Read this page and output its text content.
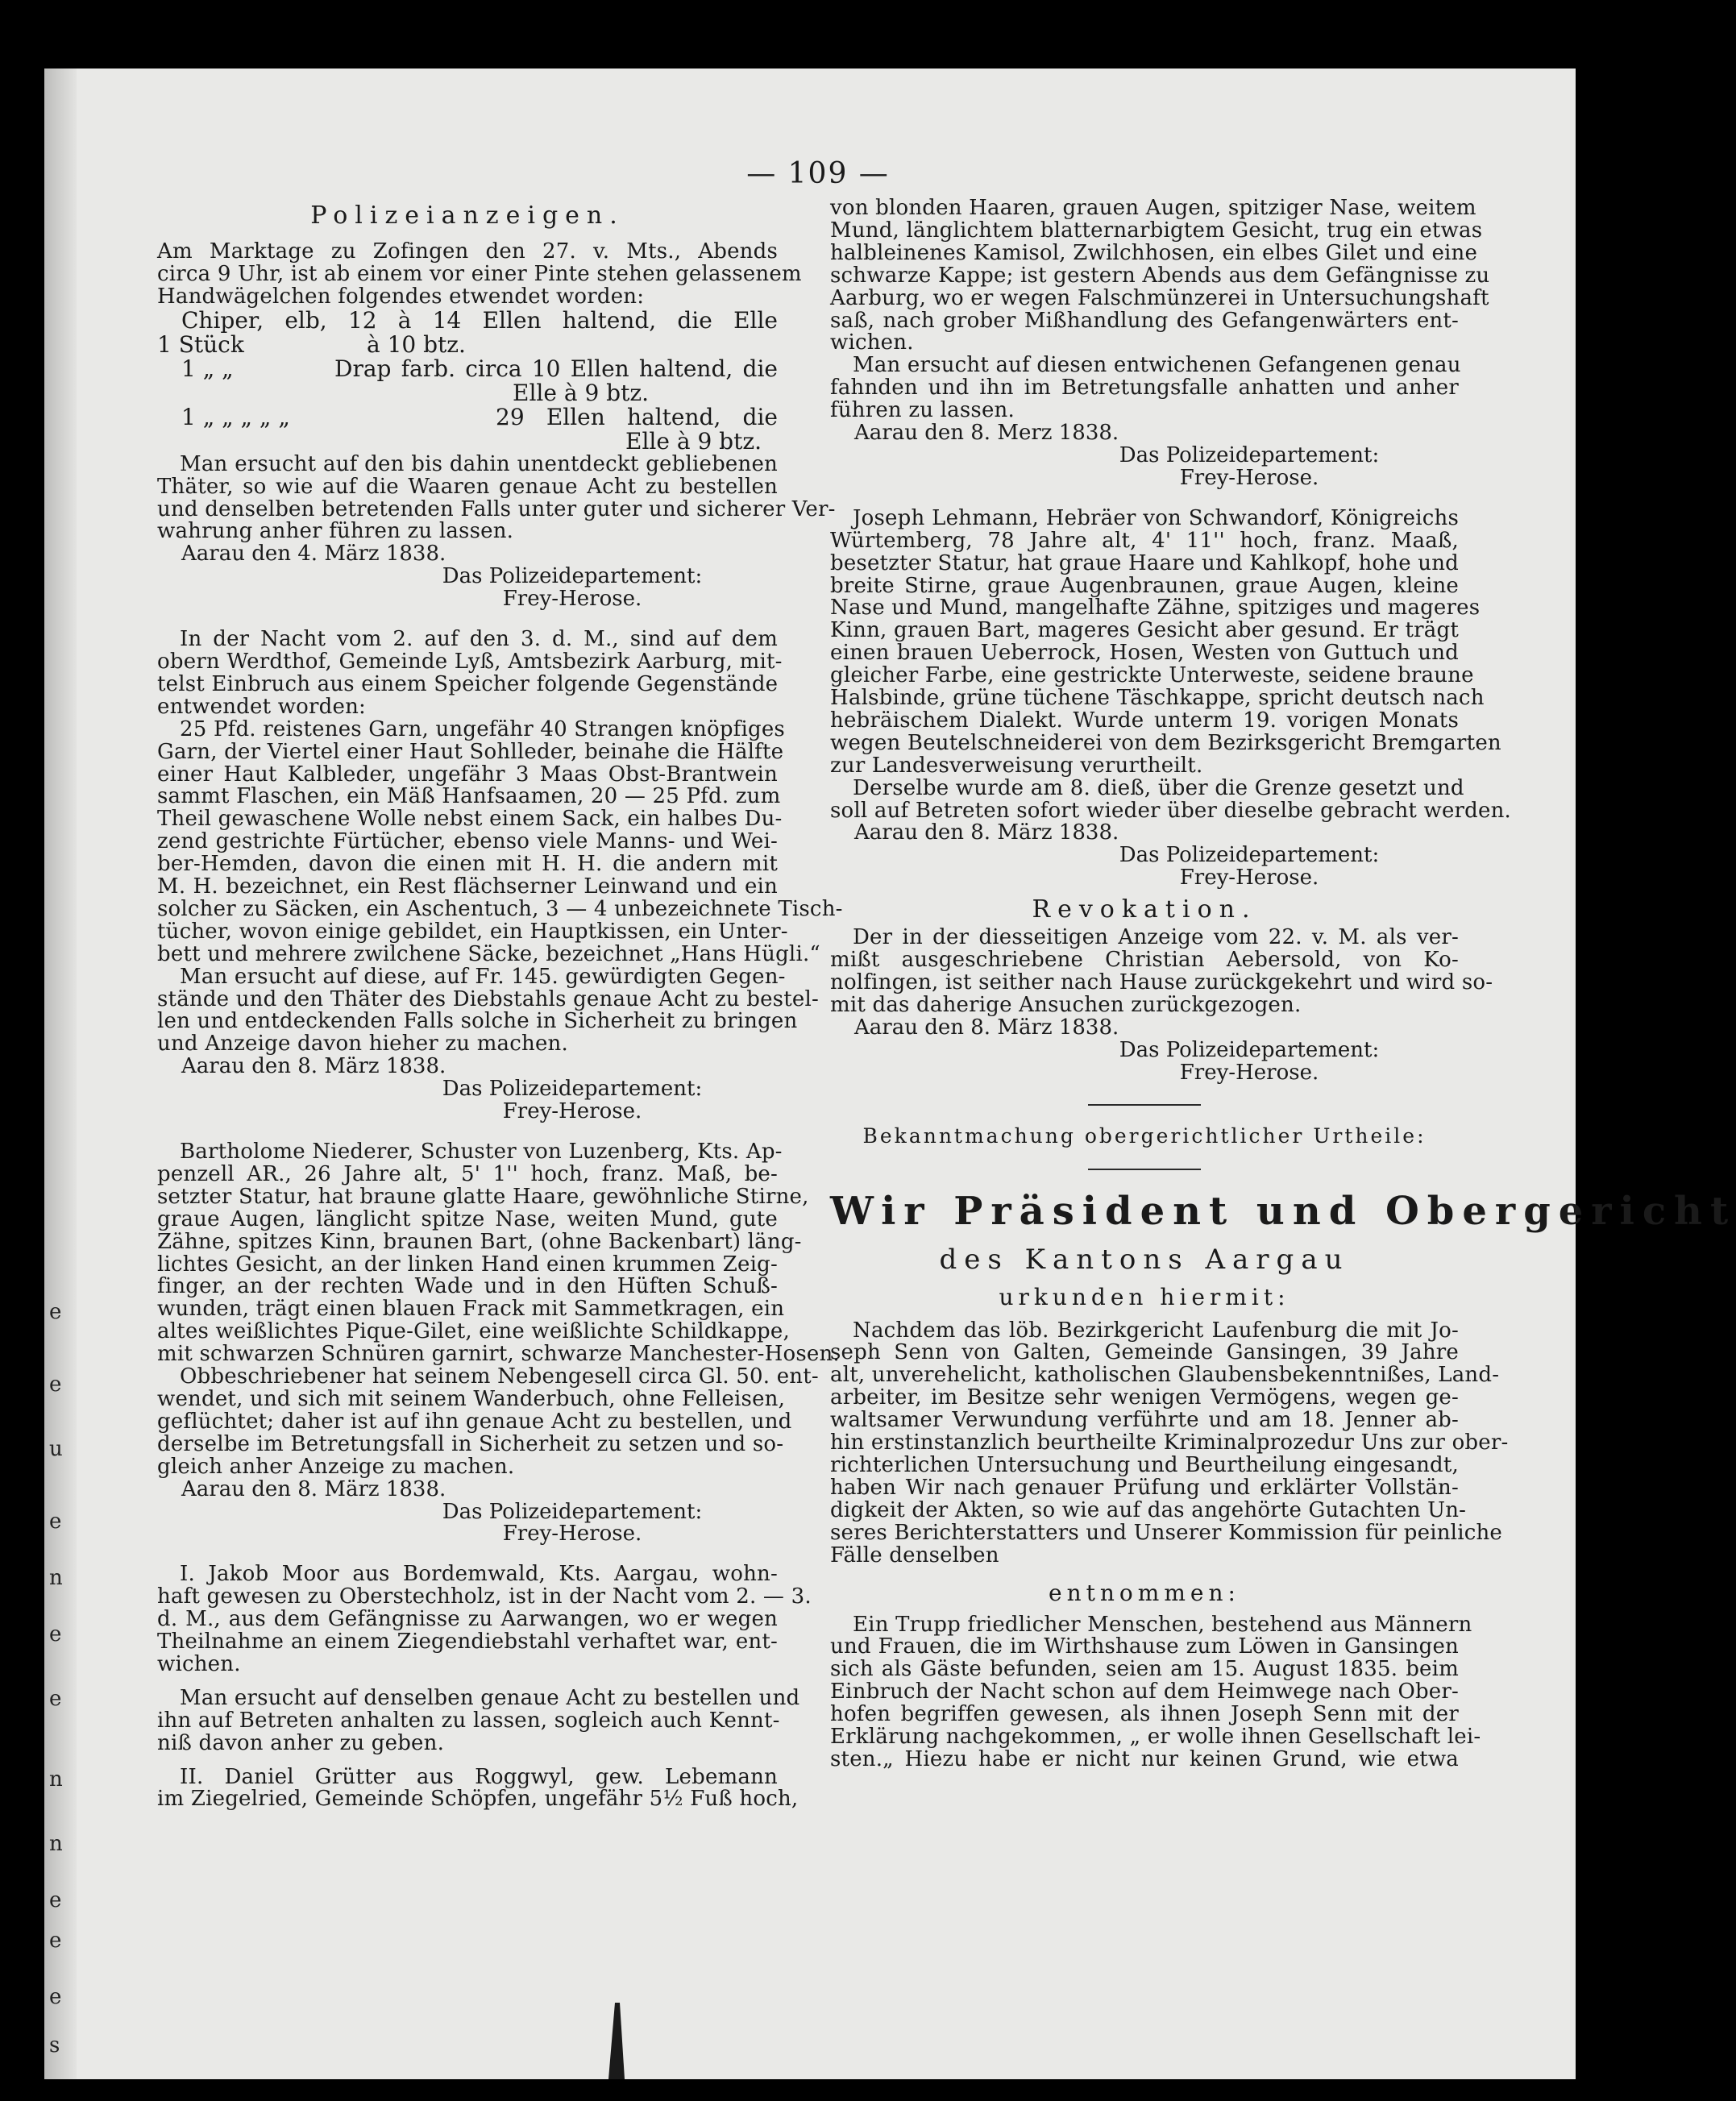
e
e
u
e
n
e
e
n
n
e
e
e
s
— 109 —
Polizeianzeigen.
Am Marktage zu Zofingen den 27. v. Mts., Abends
circa 9 Uhr, ist ab einem vor einer Pinte stehen gelassenem
Handwägelchen folgendes etwendet worden:
Chiper, elb, 12 à 14 Ellen haltend, die Elle
1 Stück	à 10 btz.
1 „ „	Drap farb. circa 10 Ellen haltend, die
Elle à 9 btz.
1 „ „ „ „ „	29 Ellen haltend, die
Elle à 9 btz.
Man ersucht auf den bis dahin unentdeckt gebliebenen
Thäter, so wie auf die Waaren genaue Acht zu bestellen
und denselben betretenden Falls unter guter und sicherer Ver-
wahrung anher führen zu lassen.
Aarau den 4. März 1838.
Das Polizeidepartement:
Frey-Herose.
In der Nacht vom 2. auf den 3. d. M., sind auf dem
obern Werdthof, Gemeinde Lyß, Amtsbezirk Aarburg, mit-
telst Einbruch aus einem Speicher folgende Gegenstände
entwendet worden:
25 Pfd. reistenes Garn, ungefähr 40 Strangen knöpfiges
Garn, der Viertel einer Haut Sohlleder, beinahe die Hälfte
einer Haut Kalbleder, ungefähr 3 Maas Obst-Brantwein
sammt Flaschen, ein Mäß Hanfsaamen, 20 — 25 Pfd. zum
Theil gewaschene Wolle nebst einem Sack, ein halbes Du-
zend gestrichte Fürtücher, ebenso viele Manns- und Wei-
ber-Hemden, davon die einen mit H. H. die andern mit
M. H. bezeichnet, ein Rest flächserner Leinwand und ein
solcher zu Säcken, ein Aschentuch, 3 — 4 unbezeichnete Tisch-
tücher, wovon einige gebildet, ein Hauptkissen, ein Unter-
bett und mehrere zwilchene Säcke, bezeichnet „Hans Hügli.“
Man ersucht auf diese, auf Fr. 145. gewürdigten Gegen-
stände und den Thäter des Diebstahls genaue Acht zu bestel-
len und entdeckenden Falls solche in Sicherheit zu bringen
und Anzeige davon hieher zu machen.
Aarau den 8. März 1838.
Das Polizeidepartement:
Frey-Herose.
Bartholome Niederer, Schuster von Luzenberg, Kts. Ap-
penzell AR., 26 Jahre alt, 5' 1'' hoch, franz. Maß, be-
setzter Statur, hat braune glatte Haare, gewöhnliche Stirne,
graue Augen, länglicht spitze Nase, weiten Mund, gute
Zähne, spitzes Kinn, braunen Bart, (ohne Backenbart) läng-
lichtes Gesicht, an der linken Hand einen krummen Zeig-
finger, an der rechten Wade und in den Hüften Schuß-
wunden, trägt einen blauen Frack mit Sammetkragen, ein
altes weißlichtes Pique-Gilet, eine weißlichte Schildkappe,
mit schwarzen Schnüren garnirt, schwarze Manchester-Hosen.
Obbeschriebener hat seinem Nebengesell circa Gl. 50. ent-
wendet, und sich mit seinem Wanderbuch, ohne Felleisen,
geflüchtet; daher ist auf ihn genaue Acht zu bestellen, und
derselbe im Betretungsfall in Sicherheit zu setzen und so-
gleich anher Anzeige zu machen.
Aarau den 8. März 1838.
Das Polizeidepartement:
Frey-Herose.
I. Jakob Moor aus Bordemwald, Kts. Aargau, wohn-
haft gewesen zu Oberstechholz, ist in der Nacht vom 2. — 3.
d. M., aus dem Gefängnisse zu Aarwangen, wo er wegen
Theilnahme an einem Ziegendiebstahl verhaftet war, ent-
wichen.
Man ersucht auf denselben genaue Acht zu bestellen und
ihn auf Betreten anhalten zu lassen, sogleich auch Kennt-
niß davon anher zu geben.
II. Daniel Grütter aus Roggwyl, gew. Lebemann
im Ziegelried, Gemeinde Schöpfen, ungefähr 5½ Fuß hoch,
von blonden Haaren, grauen Augen, spitziger Nase, weitem
Mund, länglichtem blatternarbigtem Gesicht, trug ein etwas
halbleinenes Kamisol, Zwilchhosen, ein elbes Gilet und eine
schwarze Kappe; ist gestern Abends aus dem Gefängnisse zu
Aarburg, wo er wegen Falschmünzerei in Untersuchungshaft
saß, nach grober Mißhandlung des Gefangenwärters ent-
wichen.
Man ersucht auf diesen entwichenen Gefangenen genau
fahnden und ihn im Betretungsfalle anhatten und anher
führen zu lassen.
Aarau den 8. Merz 1838.
Das Polizeidepartement:
Frey-Herose.
Joseph Lehmann, Hebräer von Schwandorf, Königreichs
Würtemberg, 78 Jahre alt, 4' 11'' hoch, franz. Maaß,
besetzter Statur, hat graue Haare und Kahlkopf, hohe und
breite Stirne, graue Augenbraunen, graue Augen, kleine
Nase und Mund, mangelhafte Zähne, spitziges und mageres
Kinn, grauen Bart, mageres Gesicht aber gesund. Er trägt
einen brauen Ueberrock, Hosen, Westen von Guttuch und
gleicher Farbe, eine gestrickte Unterweste, seidene braune
Halsbinde, grüne tüchene Täschkappe, spricht deutsch nach
hebräischem Dialekt. Wurde unterm 19. vorigen Monats
wegen Beutelschneiderei von dem Bezirksgericht Bremgarten
zur Landesverweisung verurtheilt.
Derselbe wurde am 8. dieß, über die Grenze gesetzt und
soll auf Betreten sofort wieder über dieselbe gebracht werden.
Aarau den 8. März 1838.
Das Polizeidepartement:
Frey-Herose.
Revokation.
Der in der diesseitigen Anzeige vom 22. v. M. als ver-
mißt ausgeschriebene Christian Aebersold, von Ko-
nolfingen, ist seither nach Hause zurückgekehrt und wird so-
mit das daherige Ansuchen zurückgezogen.
Aarau den 8. März 1838.
Das Polizeidepartement:
Frey-Herose.
Bekanntmachung obergerichtlicher Urtheile:
Wir Präsident und Obergericht
des Kantons Aargau
urkunden hiermit:
Nachdem das löb. Bezirkgericht Laufenburg die mit Jo-
seph Senn von Galten, Gemeinde Gansingen, 39 Jahre
alt, unverehelicht, katholischen Glaubensbekenntnißes, Land-
arbeiter, im Besitze sehr wenigen Vermögens, wegen ge-
waltsamer Verwundung verführte und am 18. Jenner ab-
hin erstinstanzlich beurtheilte Kriminalprozedur Uns zur ober-
richterlichen Untersuchung und Beurtheilung eingesandt,
haben Wir nach genauer Prüfung und erklärter Vollstän-
digkeit der Akten, so wie auf das angehörte Gutachten Un-
seres Berichterstatters und Unserer Kommission für peinliche
Fälle denselben
entnommen:
Ein Trupp friedlicher Menschen, bestehend aus Männern
und Frauen, die im Wirthshause zum Löwen in Gansingen
sich als Gäste befunden, seien am 15. August 1835. beim
Einbruch der Nacht schon auf dem Heimwege nach Ober-
hofen begriffen gewesen, als ihnen Joseph Senn mit der
Erklärung nachgekommen, „ er wolle ihnen Gesellschaft lei-
sten.„ Hiezu habe er nicht nur keinen Grund, wie etwa
